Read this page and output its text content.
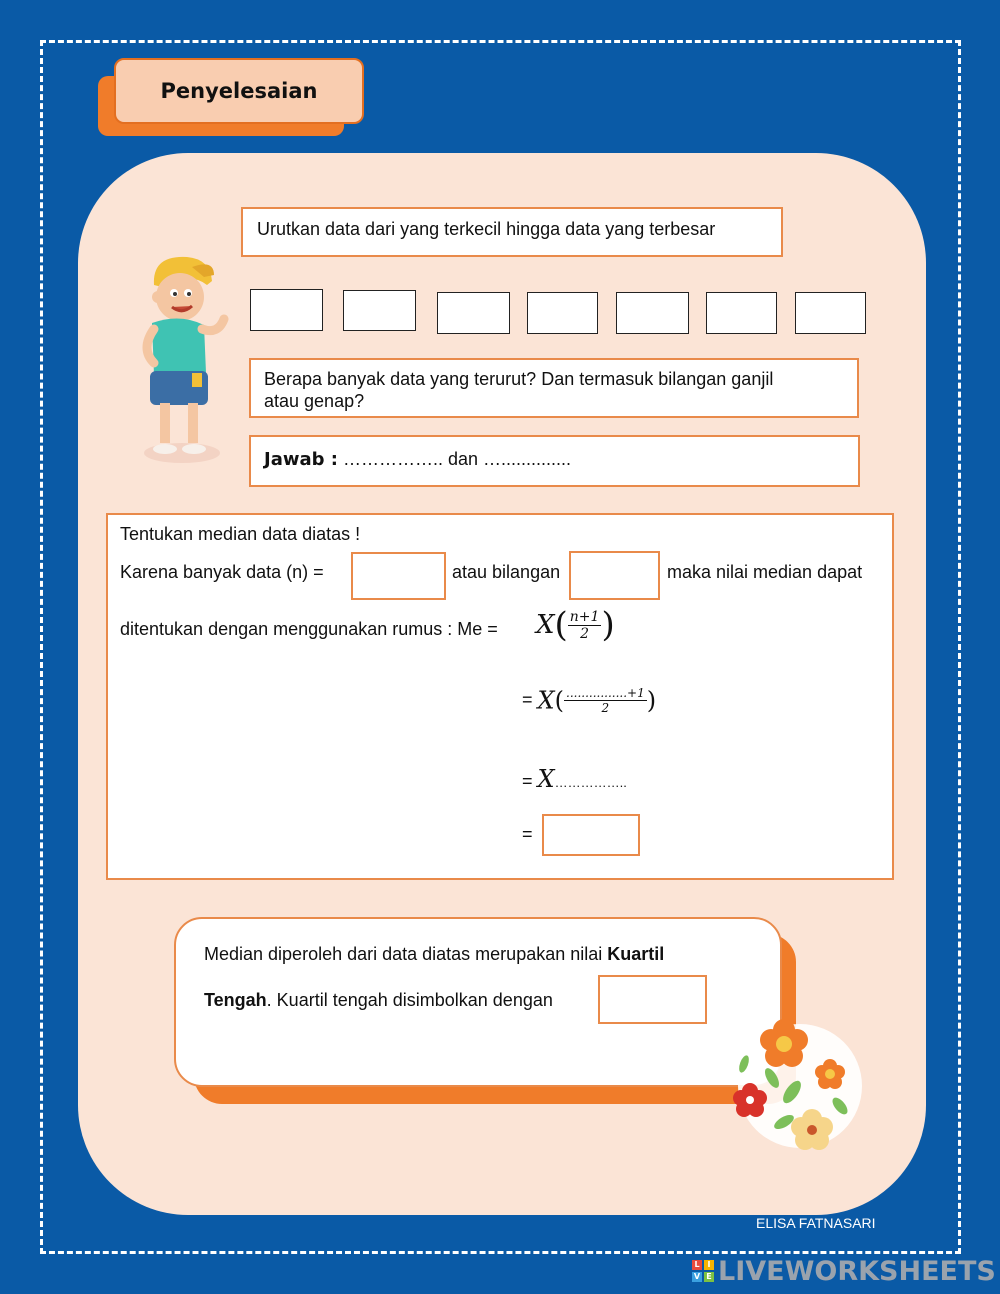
Penyelesaian
Urutkan data dari yang terkecil hingga data yang terbesar
Berapa banyak data yang terurut? Dan termasuk bilangan ganjil
atau genap?
Jawab : …………….. dan …..............
Tentukan median data diatas !
Karena banyak data (n) =	atau bilangan	maka nilai median dapat
ditentukan dengan menggunakan rumus : $Me = X( \frac{n+1}{2}$ )
= $X( \frac{................+1}{2}$ )
= X……………..
=
Median diperoleh dari data diatas merupakan nilai Kuartil
Tengah. Kuartil tengah disimbolkan dengan
ELISA FATNASARI
L I
V E LIVEWORKSHEETS
